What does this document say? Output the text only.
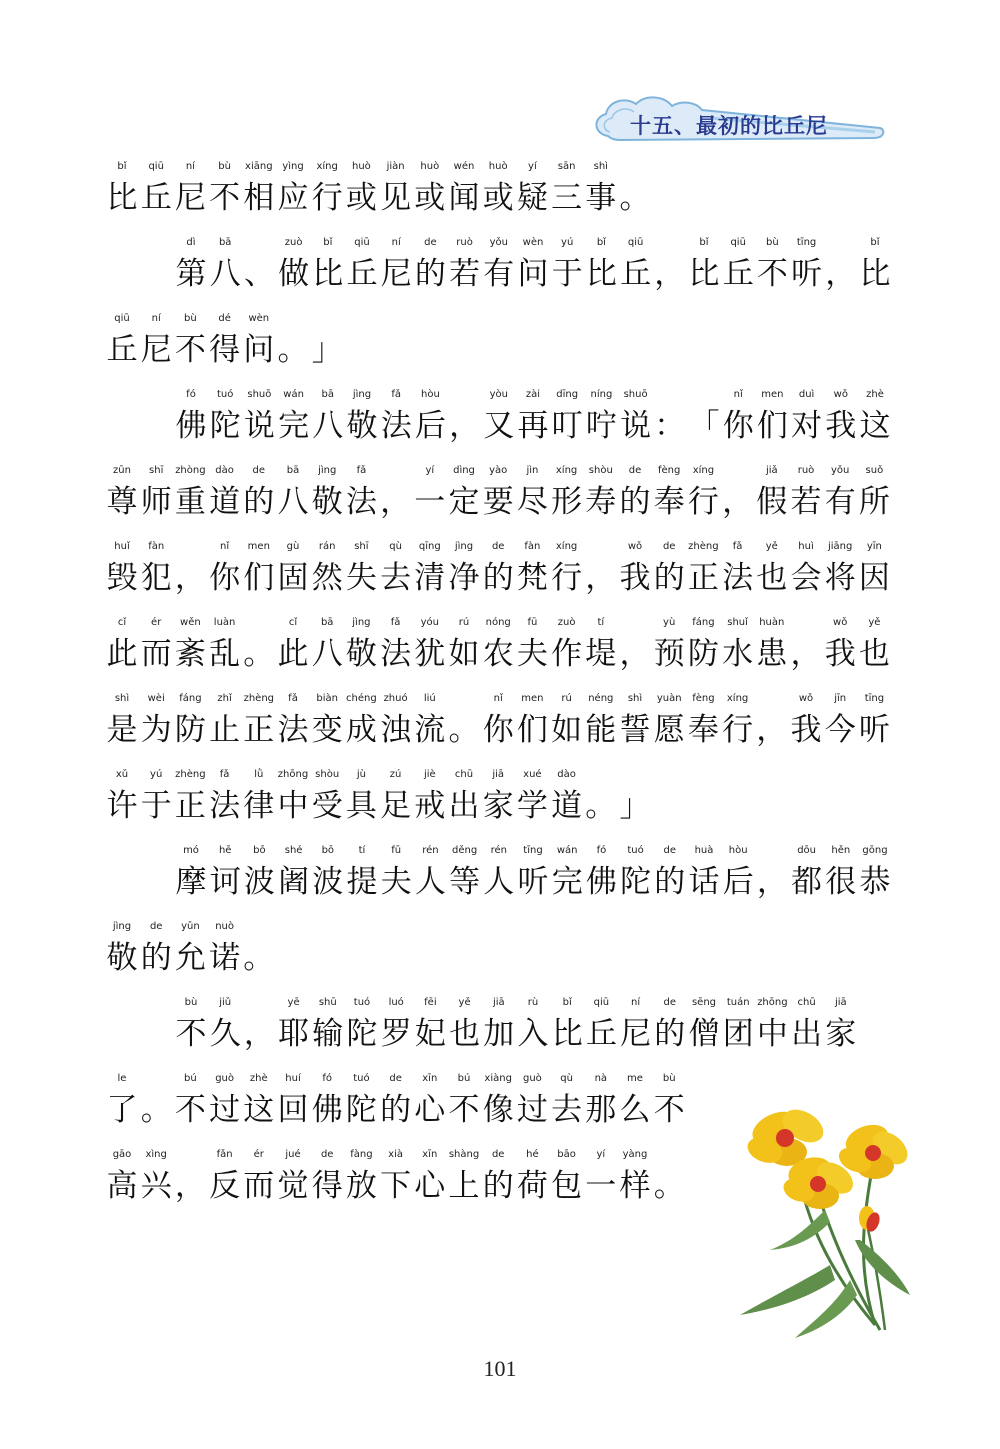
十五、最初的比丘尼
bǐ
比
qiū
丘
ní
尼
bù
不
xiāng
相
yìng
应
xíng
行
huò
或
jiàn
见
huò
或
wén
闻
huò
或
yí
疑
sān
三
shì
事 。
dì
第
bā
八 、
zuò
做
bǐ
比
qiū
丘
ní
尼
de
的
ruò
若
yǒu
有
wèn
问
yú
于
bǐ
比
qiū
丘 ，
bǐ
比
qiū
丘
bù
不
tīng
听 ，
bǐ
比
qiū
丘
ní
尼
bù
不
dé
得
wèn
问 。 」
fó
佛
tuó
陀
shuō
说
wán
完
bā
八
jìng
敬
fǎ
法
hòu
后 ，
yòu
又
zài
再
dīng
叮
níng
咛
shuō
说 ： 「
nǐ
你
men
们
duì
对
wǒ
我
zhè
这
zūn
尊
shī
师
zhòng
重
dào
道
de
的
bā
八
jìng
敬
fǎ
法 ，
yí
一
dìng
定
yào
要
jìn
尽
xíng
形
shòu
寿
de
的
fèng
奉
xíng
行 ，
jiǎ
假
ruò
若
yǒu
有
suǒ
所
huǐ
毁
fàn
犯 ，
nǐ
你
men
们
gù
固
rán
然
shī
失
qù
去
qīng
清
jìng
净
de
的
fàn
梵
xíng
行 ，
wǒ
我
de
的
zhèng
正
fǎ
法
yě
也
huì
会
jiāng
将
yīn
因
cǐ
此
ér
而
wěn
紊
luàn
乱 。
cǐ
此
bā
八
jìng
敬
fǎ
法
yóu
犹
rú
如
nóng
农
fū
夫
zuò
作
tí
堤 ，
yù
预
fáng
防
shuǐ
水
huàn
患 ，
wǒ
我
yě
也
shì
是
wèi
为
fáng
防
zhǐ
止
zhèng
正
fǎ
法
biàn
变
chéng
成
zhuó
浊
liú
流 。
nǐ
你
men
们
rú
如
néng
能
shì
誓
yuàn
愿
fèng
奉
xíng
行 ，
wǒ
我
jīn
今
tīng
听
xǔ
许
yú
于
zhèng
正
fǎ
法
lǜ
律
zhōng
中
shòu
受
jù
具
zú
足
jiè
戒
chū
出
jiā
家
xué
学
dào
道 。 」
mó
摩
hē
诃
bō
波
shé
阇
bō
波
tí
提
fū
夫
rén
人
děng
等
rén
人
tīng
听
wán
完
fó
佛
tuó
陀
de
的
huà
话
hòu
后 ，
dōu
都
hěn
很
gōng
恭
jìng
敬
de
的
yǔn
允
nuò
诺 。
bù
不
jiǔ
久 ，
yē
耶
shū
输
tuó
陀
luó
罗
fēi
妃
yě
也
jiā
加
rù
入
bǐ
比
qiū
丘
ní
尼
de
的
sēng
僧
tuán
团
zhōng
中
chū
出
jiā
家
le
了 。
bú
不
guò
过
zhè
这
huí
回
fó
佛
tuó
陀
de
的
xīn
心
bú
不
xiàng
像
guò
过
qù
去
nà
那
me
么
bù
不
gāo
高
xìng
兴 ，
fǎn
反
ér
而
jué
觉
de
得
fàng
放
xià
下
xīn
心
shàng
上
de
的
hé
荷
bāo
包
yí
一
yàng
样 。
101
